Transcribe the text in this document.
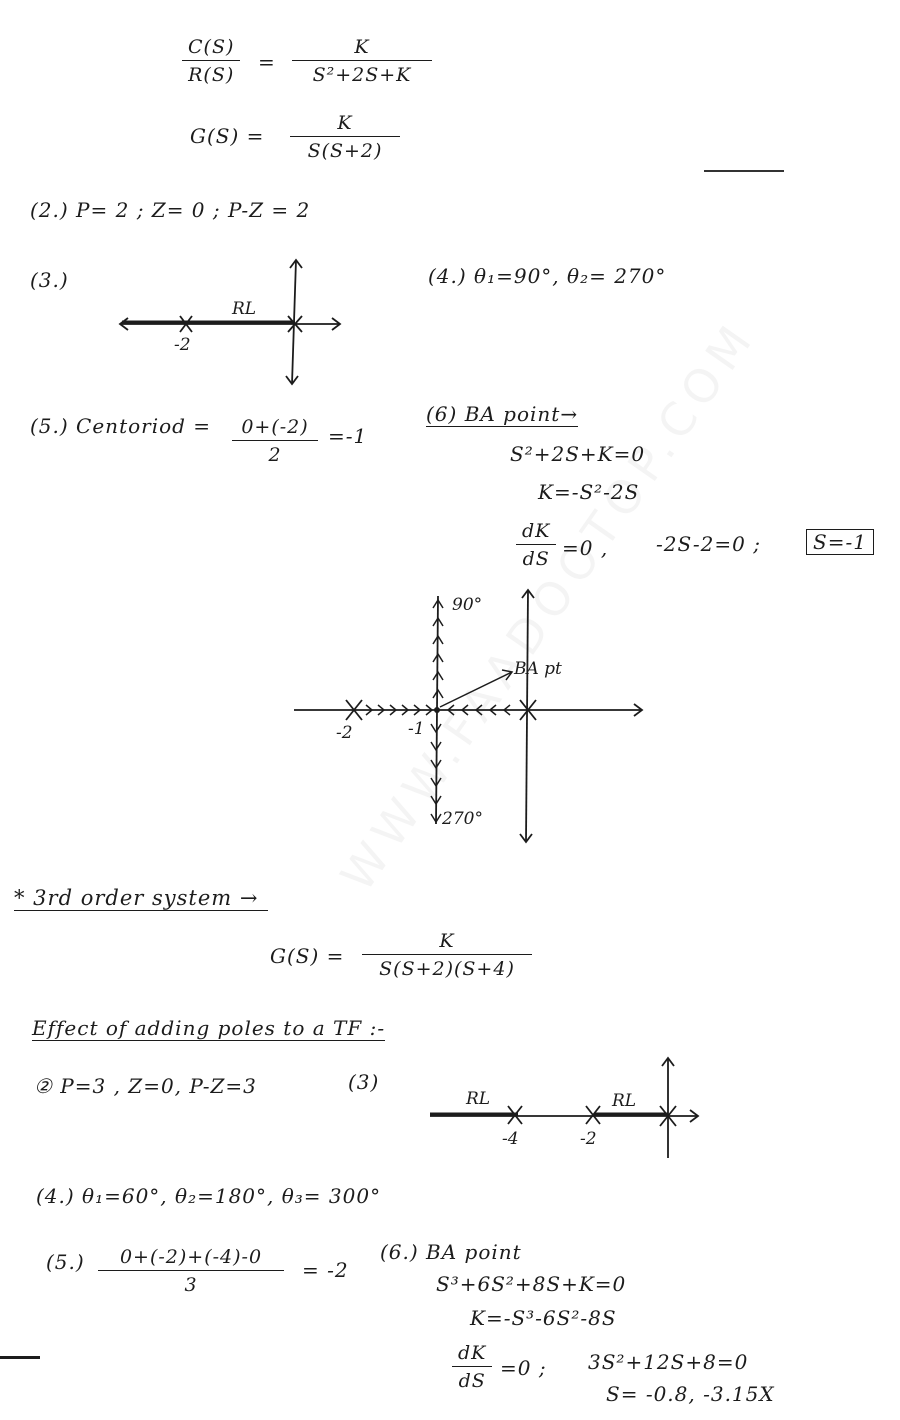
C(S)
R(S)
=
K
S²+2S+K
G(S) =
K
S(S+2)
(2.) P= 2 ; Z= 0 ; P-Z = 2
(3.)
RL
-2
(4.) θ₁=90°, θ₂= 270°
(5.) Centoriod =	0+(-2)
2
=-1
(6) BA point→
S²+2S+K=0
K=-S²-2S
dK
dS =0 , -2S-2=0 ;	S=-1
90°
270°
BA pt
-2	-1
* 3rd order system →
G(S) =
K
S(S+2)(S+4)
Effect of adding poles to a TF :-
② P=3 , Z=0, P-Z=3	(3)
RL	RL
-4	-2
(4.) θ₁=60°, θ₂=180°, θ₃= 300°
(5.)	0+(-2)+(-4)-0
3
= -2
(6.) BA point
S³+6S²+8S+K=0
K=-S³-6S²-8S
dK
dS
=0 ; 3S²+12S+8=0
S= -0.8, -3.15X
